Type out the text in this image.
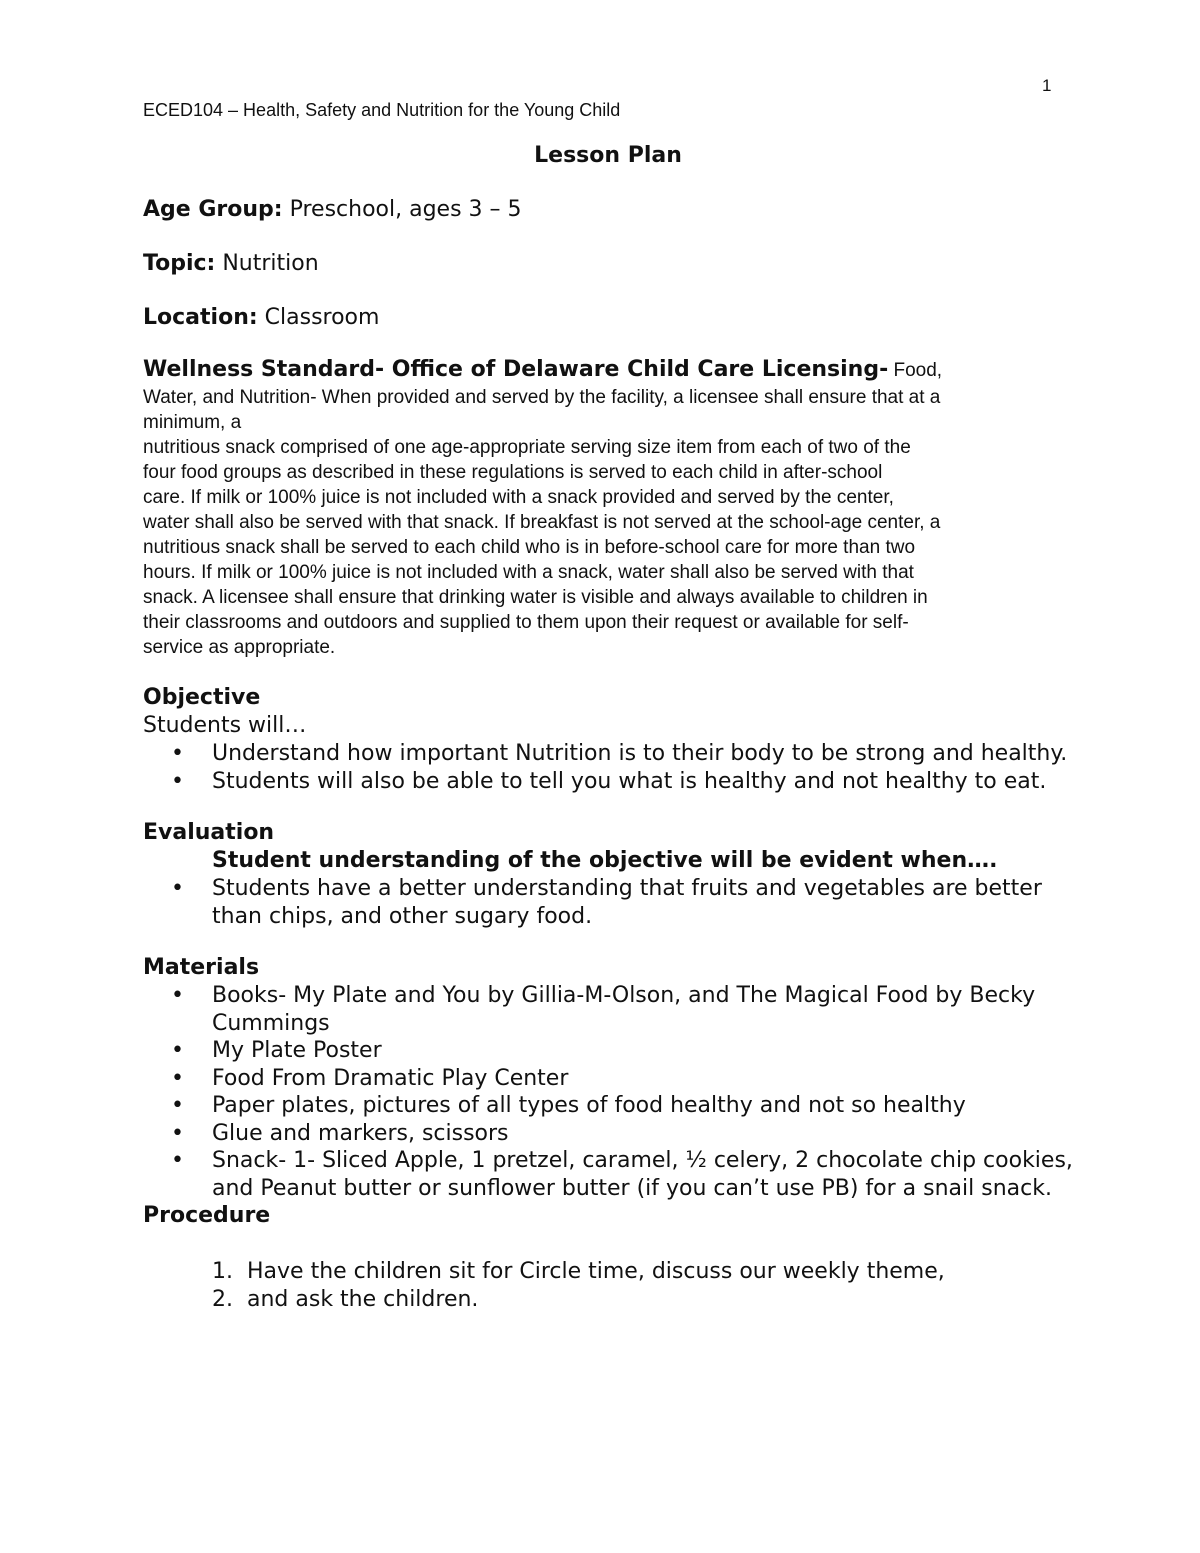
1
ECED104 – Health, Safety and Nutrition for the Young Child
Lesson Plan
Age Group: Preschool, ages 3 – 5
Topic: Nutrition
Location: Classroom
Wellness Standard- Office of Delaware Child Care Licensing- Food,
Water, and Nutrition- When provided and served by the facility, a licensee shall ensure that at a
minimum, a
nutritious snack comprised of one age-appropriate serving size item from each of two of the
four food groups as described in these regulations is served to each child in after-school
care. If milk or 100% juice is not included with a snack provided and served by the center,
water shall also be served with that snack. If breakfast is not served at the school-age center, a
nutritious snack shall be served to each child who is in before-school care for more than two
hours. If milk or 100% juice is not included with a snack, water shall also be served with that
snack. A licensee shall ensure that drinking water is visible and always available to children in
their classrooms and outdoors and supplied to them upon their request or available for self-
service as appropriate.
Objective
Students will…
• Understand how important Nutrition is to their body to be strong and healthy.
• Students will also be able to tell you what is healthy and not healthy to eat.
Evaluation
Student understanding of the objective will be evident when….
• Students have a better understanding that fruits and vegetables are better than chips, and other sugary food.
Materials
• Books- My Plate and You by Gillia-M-Olson, and The Magical Food by Becky Cummings
• My Plate Poster
• Food From Dramatic Play Center
• Paper plates, pictures of all types of food healthy and not so healthy
• Glue and markers, scissors
• Snack- 1- Sliced Apple, 1 pretzel, caramel, ½ celery, 2 chocolate chip cookies, and Peanut butter or sunflower butter (if you can’t use PB) for a snail snack.
Procedure
1. Have the children sit for Circle time, discuss our weekly theme,
2. and ask the children.
